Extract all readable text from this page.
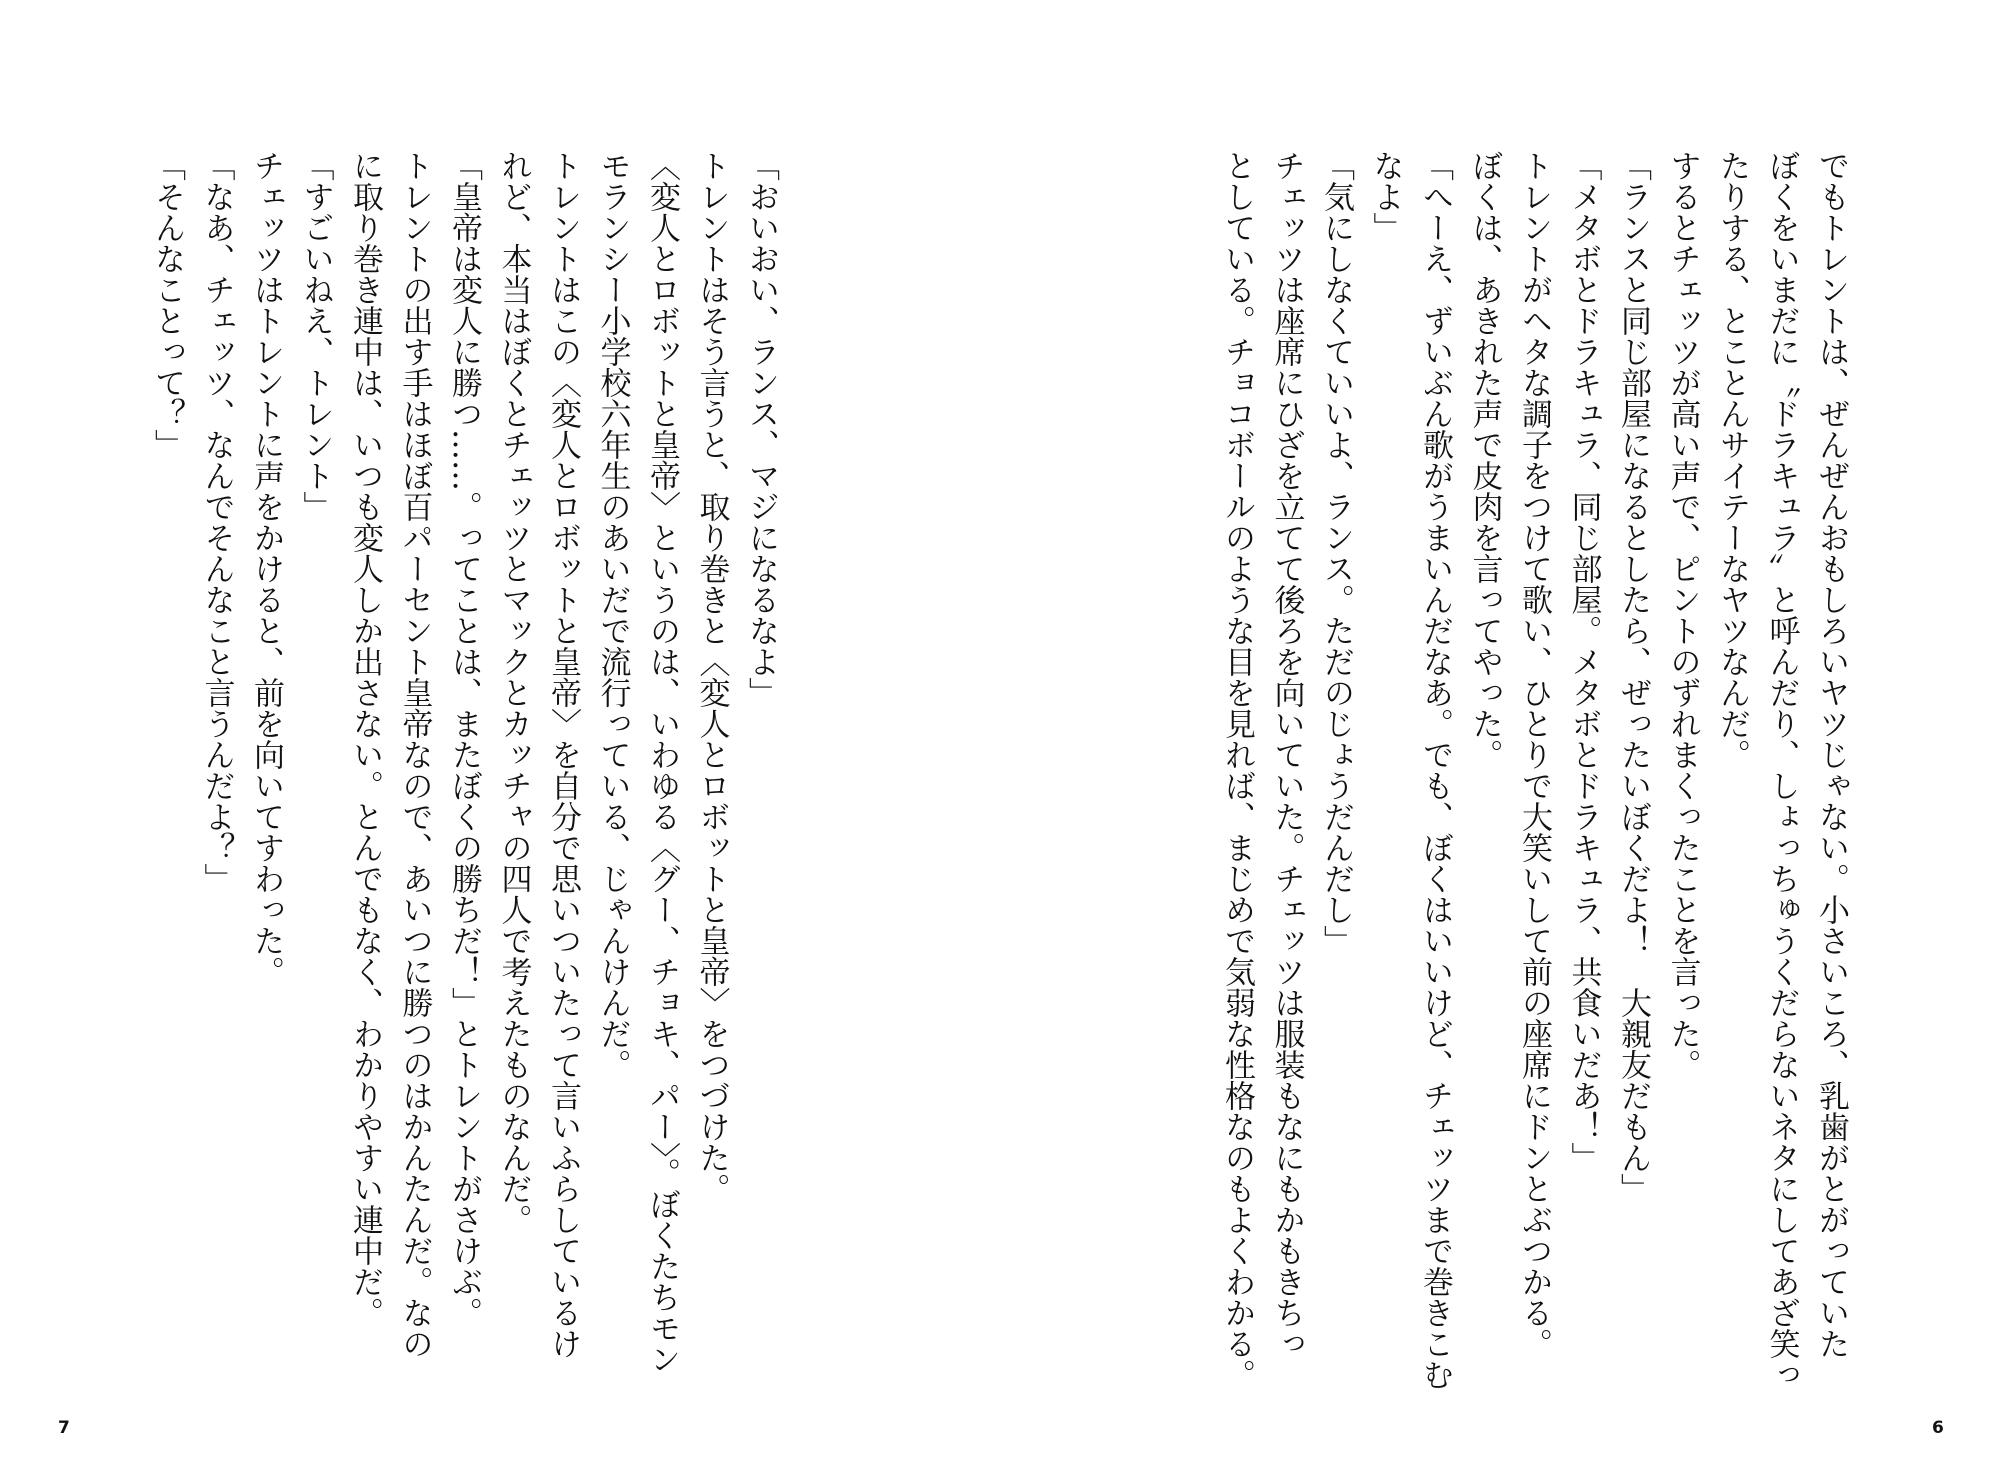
「おいおい、ランス、マジになるなよ」
トレントはそう言うと、取り巻きと〈変人とロボットと皇帝〉をつづけた。
〈変人とロボットと皇帝〉というのは、いわゆる〈グー、チョキ、パー〉。ぼくたちモン
モランシー小学校六年生のあいだで流行っている、じゃんけんだ。
トレントはこの〈変人とロボットと皇帝〉を自分で思いついたって言いふらしているけ
れど、本当はぼくとチェッツとマックとカッチャの四人で考えたものなんだ。
「皇帝は変人に勝つ……。ってことは、またぼくの勝ちだ！」とトレントがさけぶ。
トレントの出す手はほぼ百パーセント皇帝なので、あいつに勝つのはかんたんだ。なの
に取り巻き連中は、いつも変人しか出さない。とんでもなく、わかりやすい連中だ。
「すごいねえ、トレント」
チェッツはトレントに声をかけると、前を向いてすわった。
「なあ、チェッツ、なんでそんなこと言うんだよ？」
「そんなことって？」
7
でもトレントは、ぜんぜんおもしろいヤツじゃない。小さいころ、乳歯がとがっていた
ぼくをいまだに〝ドラキュラ〟と呼んだり、しょっちゅうくだらないネタにしてあざ笑っ
たりする、とことんサイテーなヤツなんだ。
するとチェッツが高い声で、ピントのずれまくったことを言った。
「ランスと同じ部屋になるとしたら、ぜったいぼくだよ！　大親友だもん」
「メタボとドラキュラ、同じ部屋。メタボとドラキュラ、共食いだあ！」
トレントがヘタな調子をつけて歌い、ひとりで大笑いして前の座席にドンとぶつかる。
ぼくは、あきれた声で皮肉を言ってやった。
「へーえ、ずいぶん歌がうまいんだなあ。でも、ぼくはいいけど、チェッツまで巻きこむ
なよ」
「気にしなくていいよ、ランス。ただのじょうだんだし」
チェッツは座席にひざを立てて後ろを向いていた。チェッツは服装もなにもかもきちっ
としている。チョコボールのような目を見れば、まじめで気弱な性格なのもよくわかる。
6
